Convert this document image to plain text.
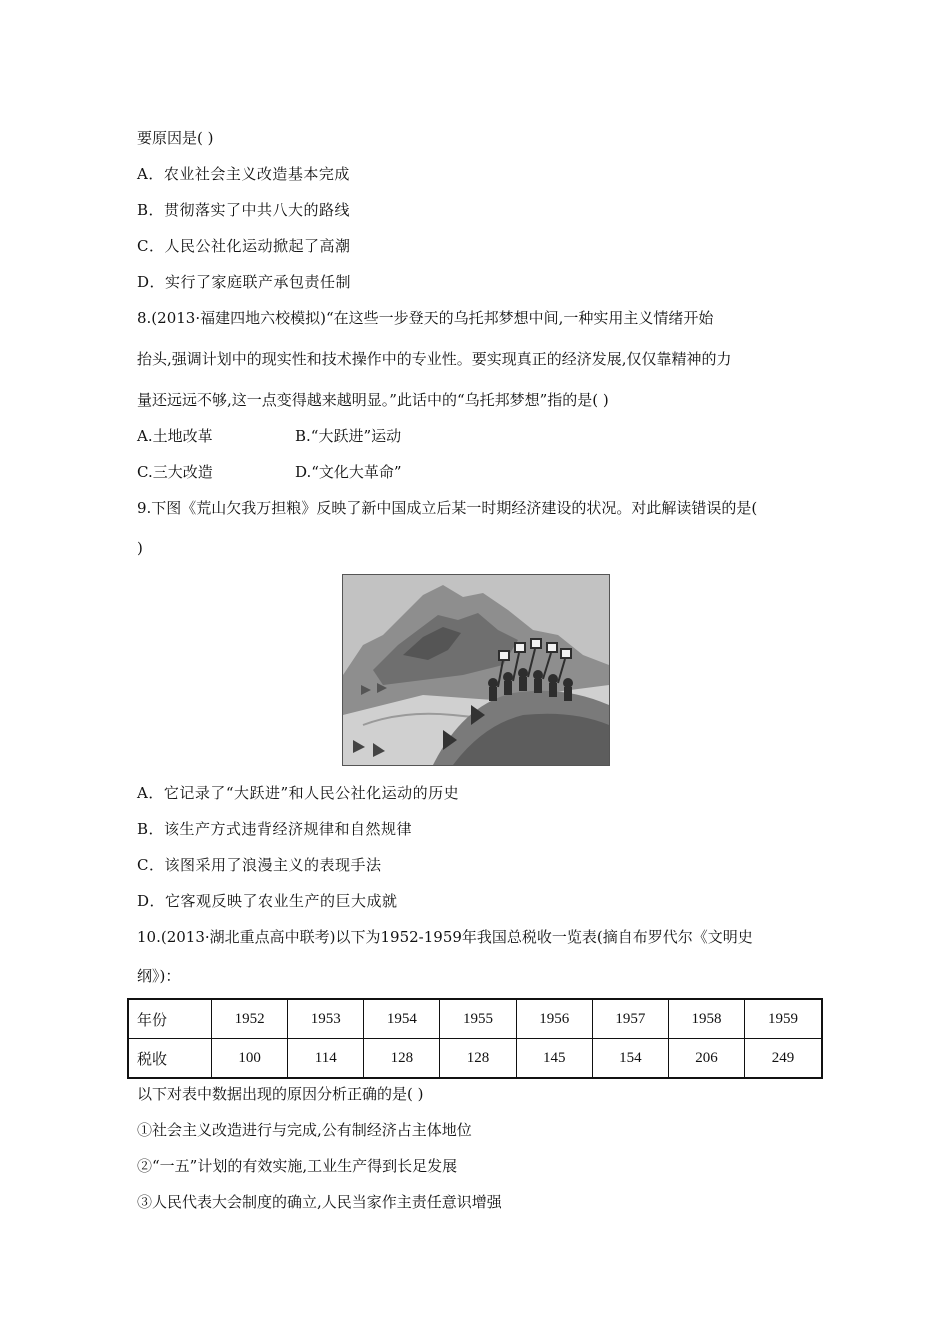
要原因是( )
A．农业社会主义改造基本完成
B．贯彻落实了中共八大的路线
C．人民公社化运动掀起了高潮
D．实行了家庭联产承包责任制
8.(2013·福建四地六校模拟)“在这些一步登天的乌托邦梦想中间,一种实用主义情绪开始
抬头,强调计划中的现实性和技术操作中的专业性。要实现真正的经济发展,仅仅靠精神的力
量还远远不够,这一点变得越来越明显。”此话中的“乌托邦梦想”指的是( )
A.土地改革	B.“大跃进”运动
C.三大改造	D.“文化大革命”
9.下图《荒山欠我万担粮》反映了新中国成立后某一时期经济建设的状况。对此解读错误的是(
)
A．它记录了“大跃进”和人民公社化运动的历史
B．该生产方式违背经济规律和自然规律
C．该图采用了浪漫主义的表现手法
D．它客观反映了农业生产的巨大成就
10.(2013·湖北重点高中联考)以下为1952-1959年我国总税收一览表(摘自布罗代尔《文明史
纲》)：
年份	1952	1953	1954	1955	1956	1957	1958	1959
税收	100	114	128	128	145	154	206	249
以下对表中数据出现的原因分析正确的是( )
①社会主义改造进行与完成,公有制经济占主体地位
②“一五”计划的有效实施,工业生产得到长足发展
③人民代表大会制度的确立,人民当家作主责任意识增强
